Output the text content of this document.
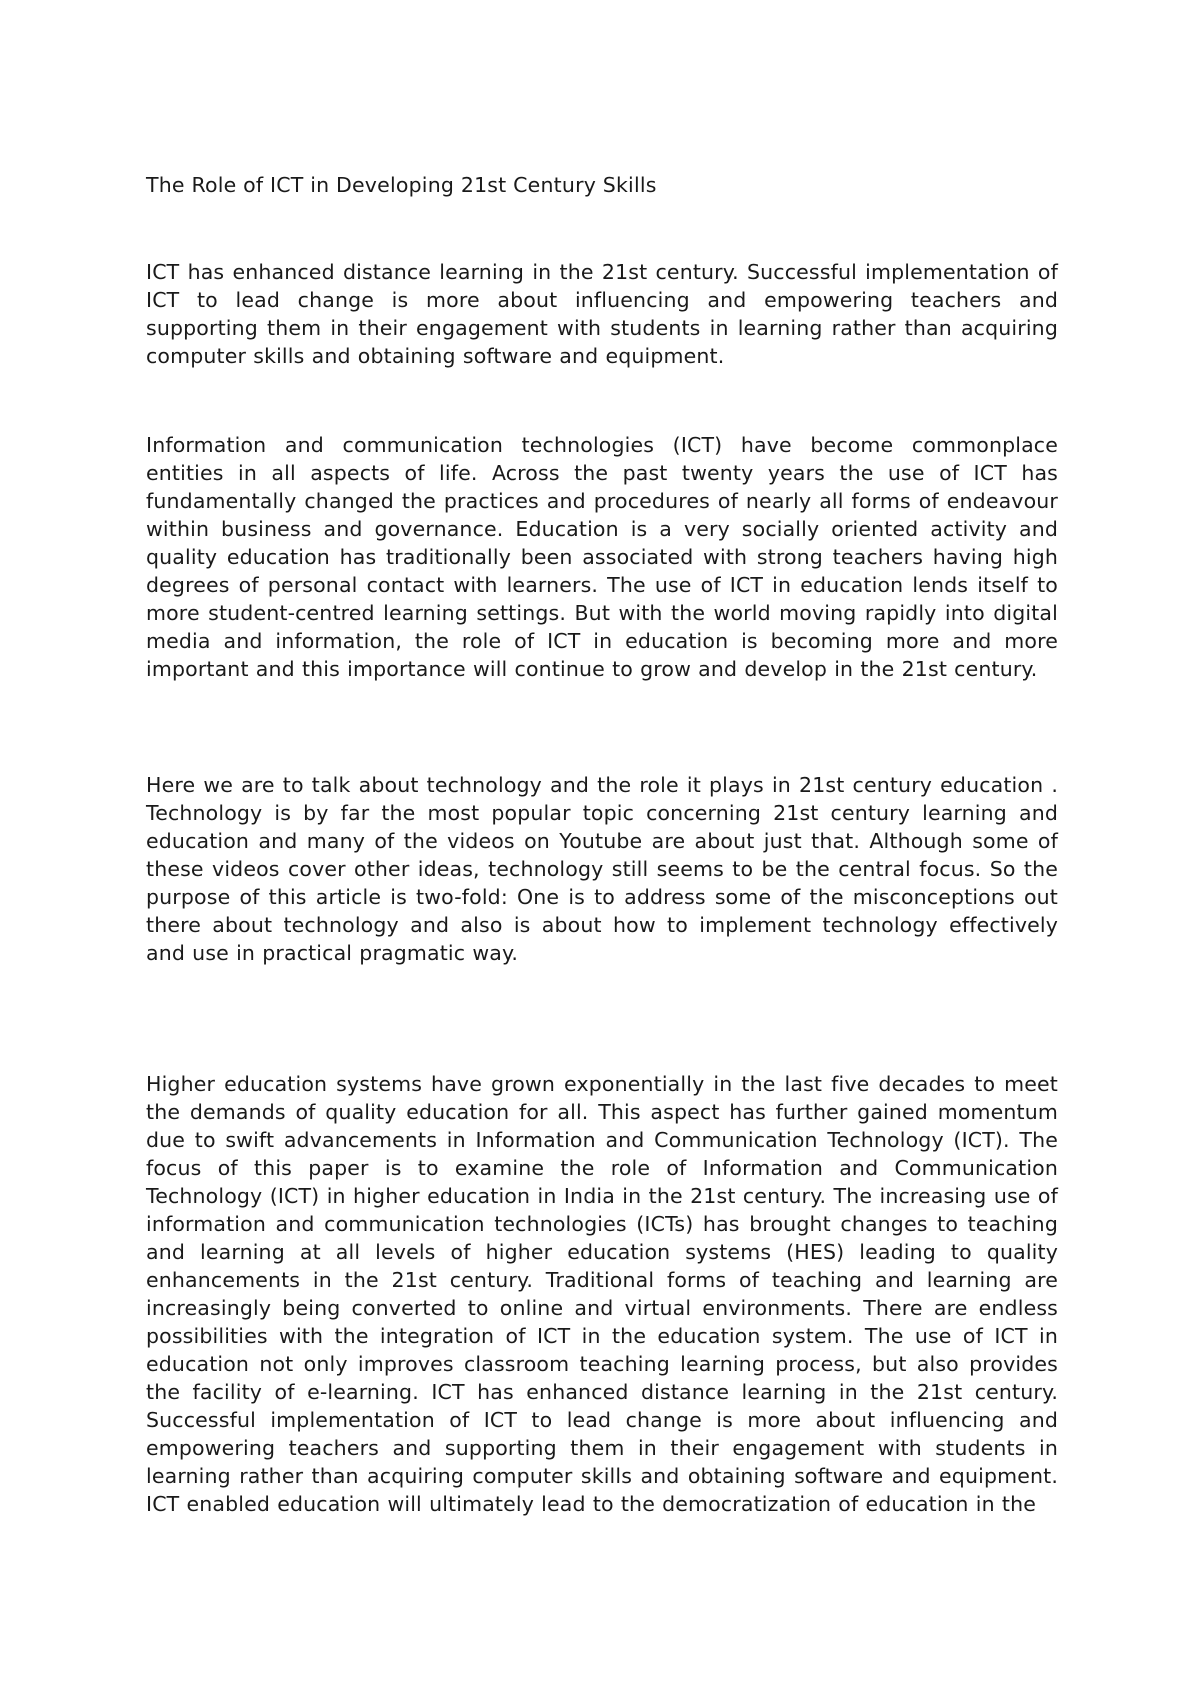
The Role of ICT in Developing 21st Century Skills

ICT has enhanced distance learning in the 21st century. Successful implementation of ICT to lead change is more about influencing and empowering teachers and supporting them in their engagement with students in learning rather than acquiring computer skills and obtaining software and equipment.

Information and communication technologies (ICT) have become commonplace entities in all aspects of life. Across the past twenty years the use of ICT has fundamentally changed the practices and procedures of nearly all forms of endeavour within business and governance. Education is a very socially oriented activity and quality education has traditionally been associated with strong teachers having high degrees of personal contact with learners. The use of ICT in education lends itself to more student-centred learning settings. But with the world moving rapidly into digital media and information, the role of ICT in education is becoming more and more important and this importance will continue to grow and develop in the 21st century.

Here we are to talk about technology and the role it plays in 21st century education . Technology is by far the most popular topic concerning 21st century learning and education and many of the videos on Youtube are about just that. Although some of these videos cover other ideas, technology still seems to be the central focus. So the purpose of this article is two-fold: One is to address some of the misconceptions out there about technology and also is about how to implement technology effectively and use in practical pragmatic way.

Higher education systems have grown exponentially in the last five decades to meet the demands of quality education for all. This aspect has further gained momentum due to swift advancements in Information and Communication Technology (ICT). The focus of this paper is to examine the role of Information and Communication Technology (ICT) in higher education in India in the 21st century. The increasing use of information and communication technologies (ICTs) has brought changes to teaching and learning at all levels of higher education systems (HES) leading to quality enhancements in the 21st century. Traditional forms of teaching and learning are increasingly being converted to online and virtual environments. There are endless possibilities with the integration of ICT in the education system. The use of ICT in education not only improves classroom teaching learning process, but also provides the facility of e-learning. ICT has enhanced distance learning in the 21st century. Successful implementation of ICT to lead change is more about influencing and empowering teachers and supporting them in their engagement with students in learning rather than acquiring computer skills and obtaining software and equipment. ICT enabled education will ultimately lead to the democratization of education in the
